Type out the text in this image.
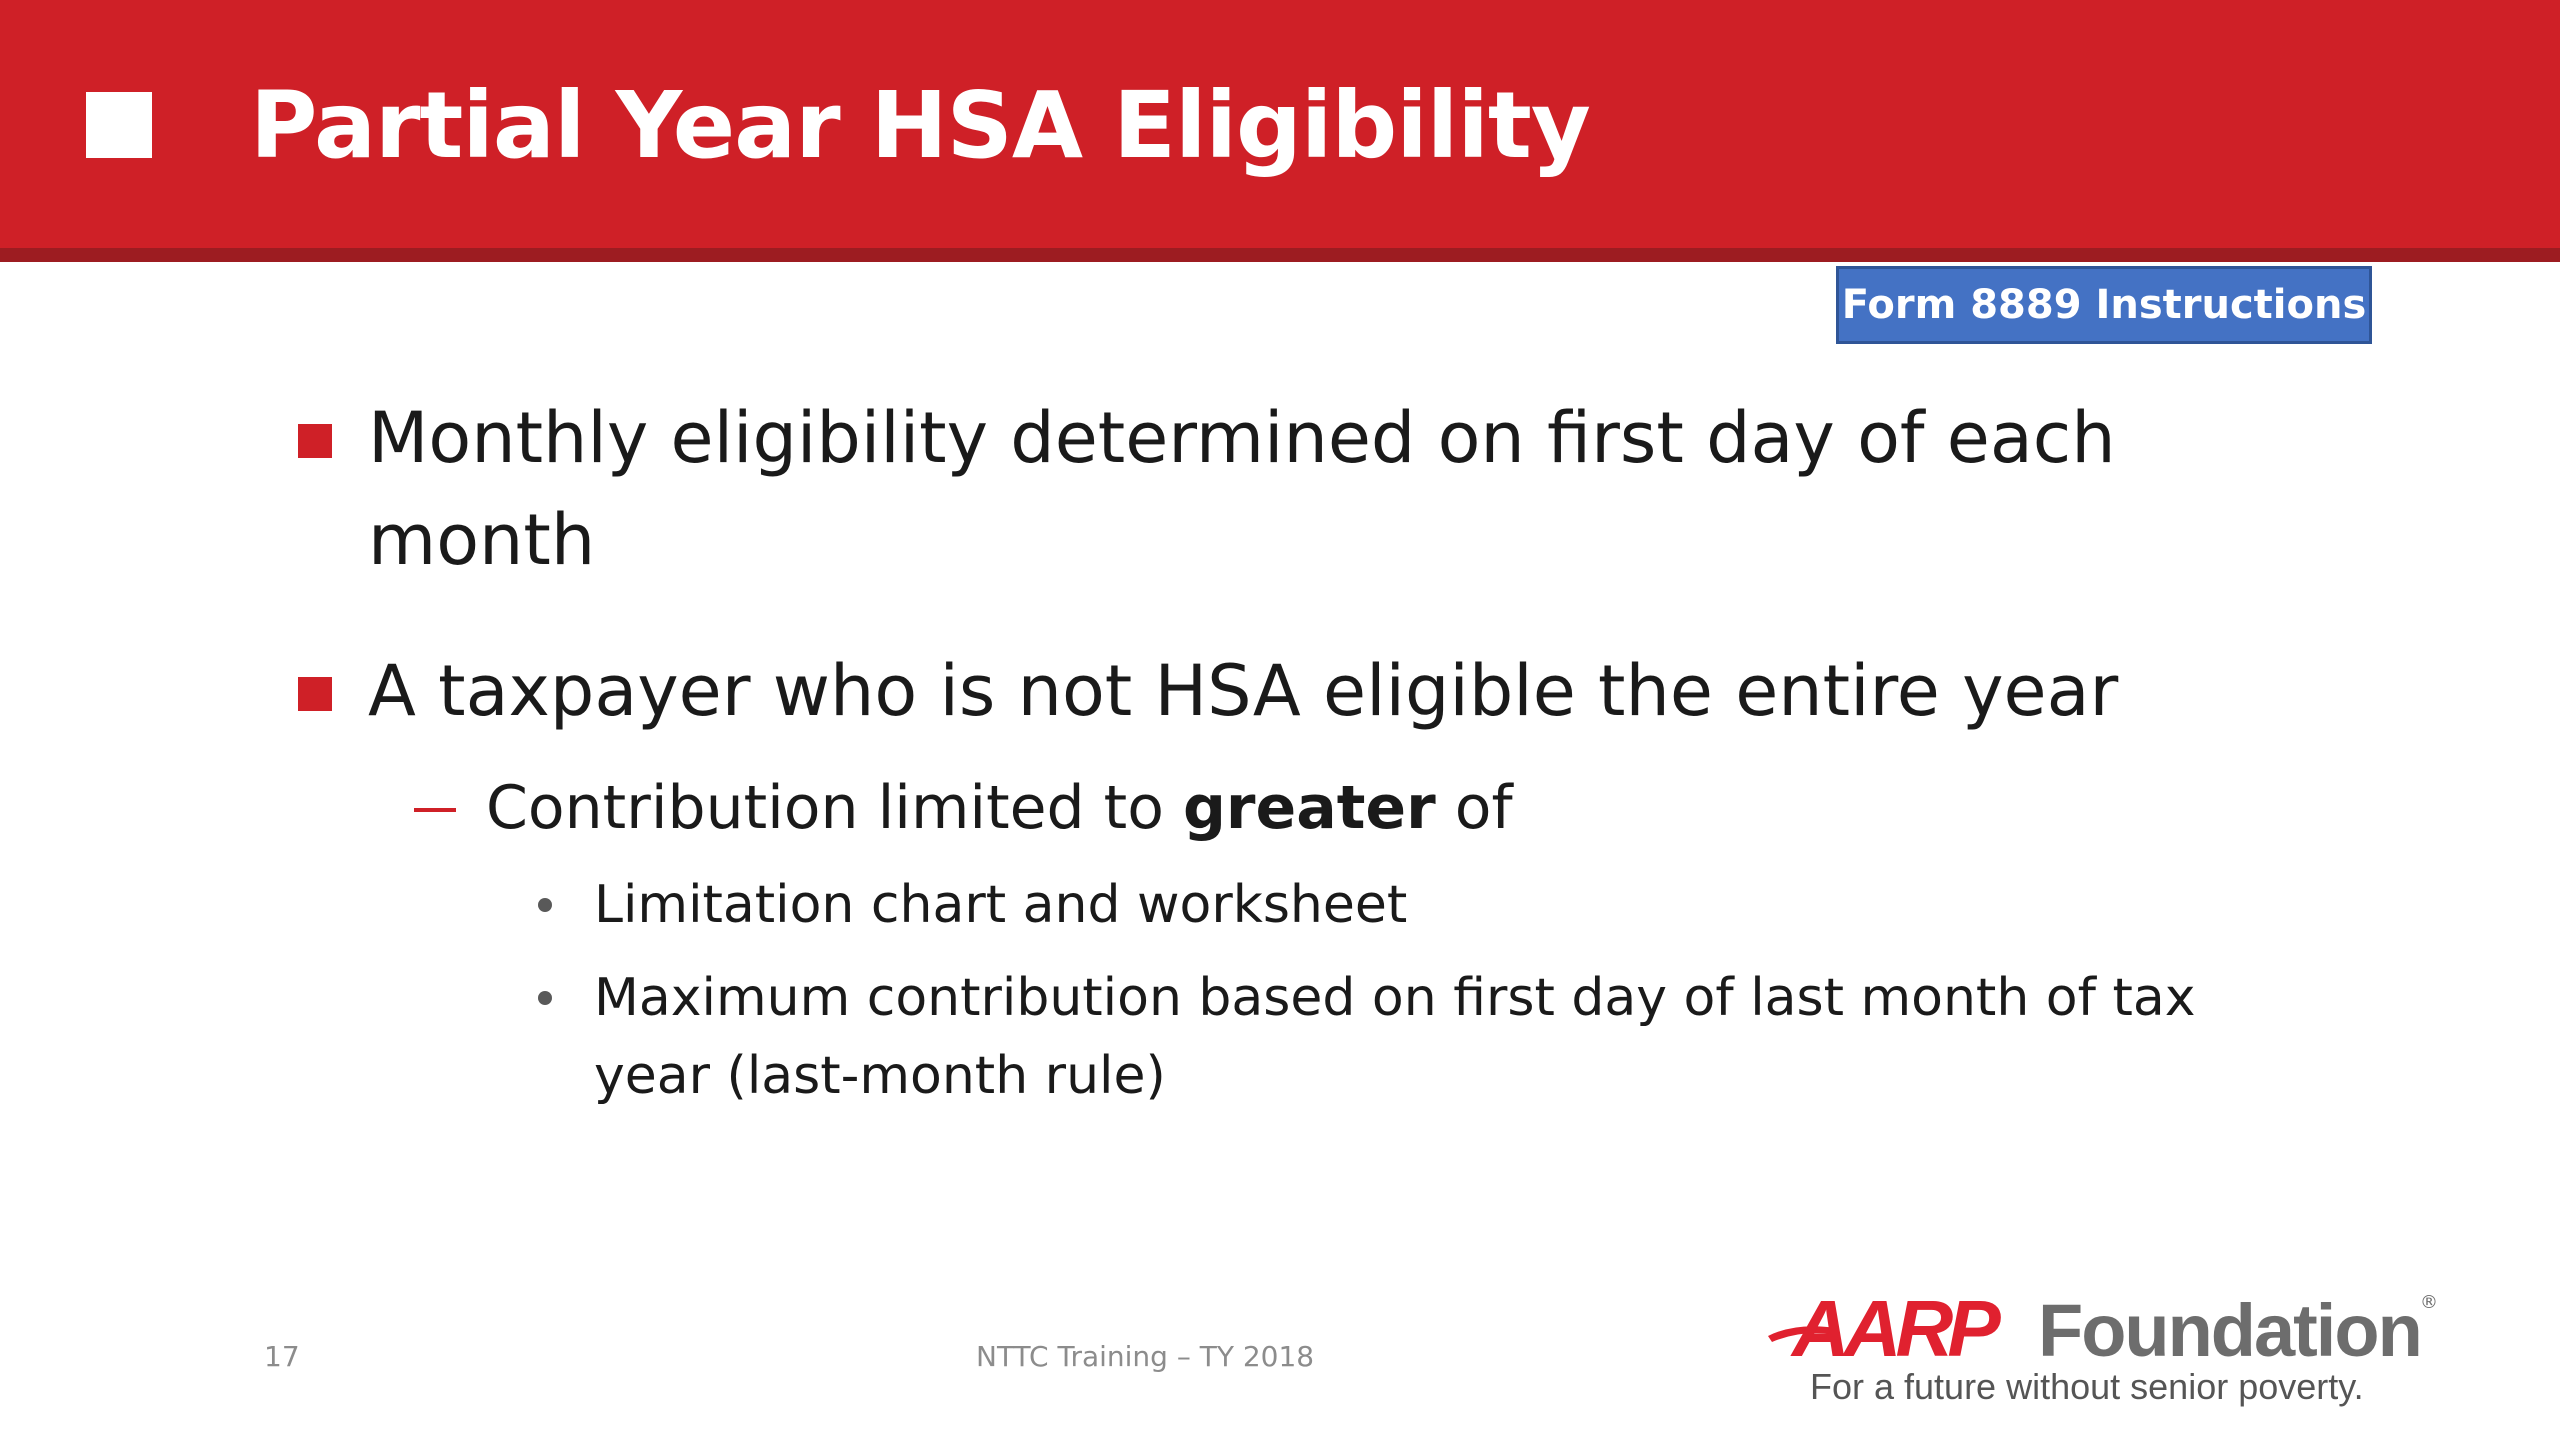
Partial Year HSA Eligibility
Form 8889 Instructions
Monthly eligibility determined on first day of each
month
A taxpayer who is not HSA eligible the entire year
Contribution limited to greater of
Limitation chart and worksheet
Maximum contribution based on first day of last month of tax
year (last-month rule)
17	NTTC Training – TY 2018	AARP Foundation ®
For a future without senior poverty.
